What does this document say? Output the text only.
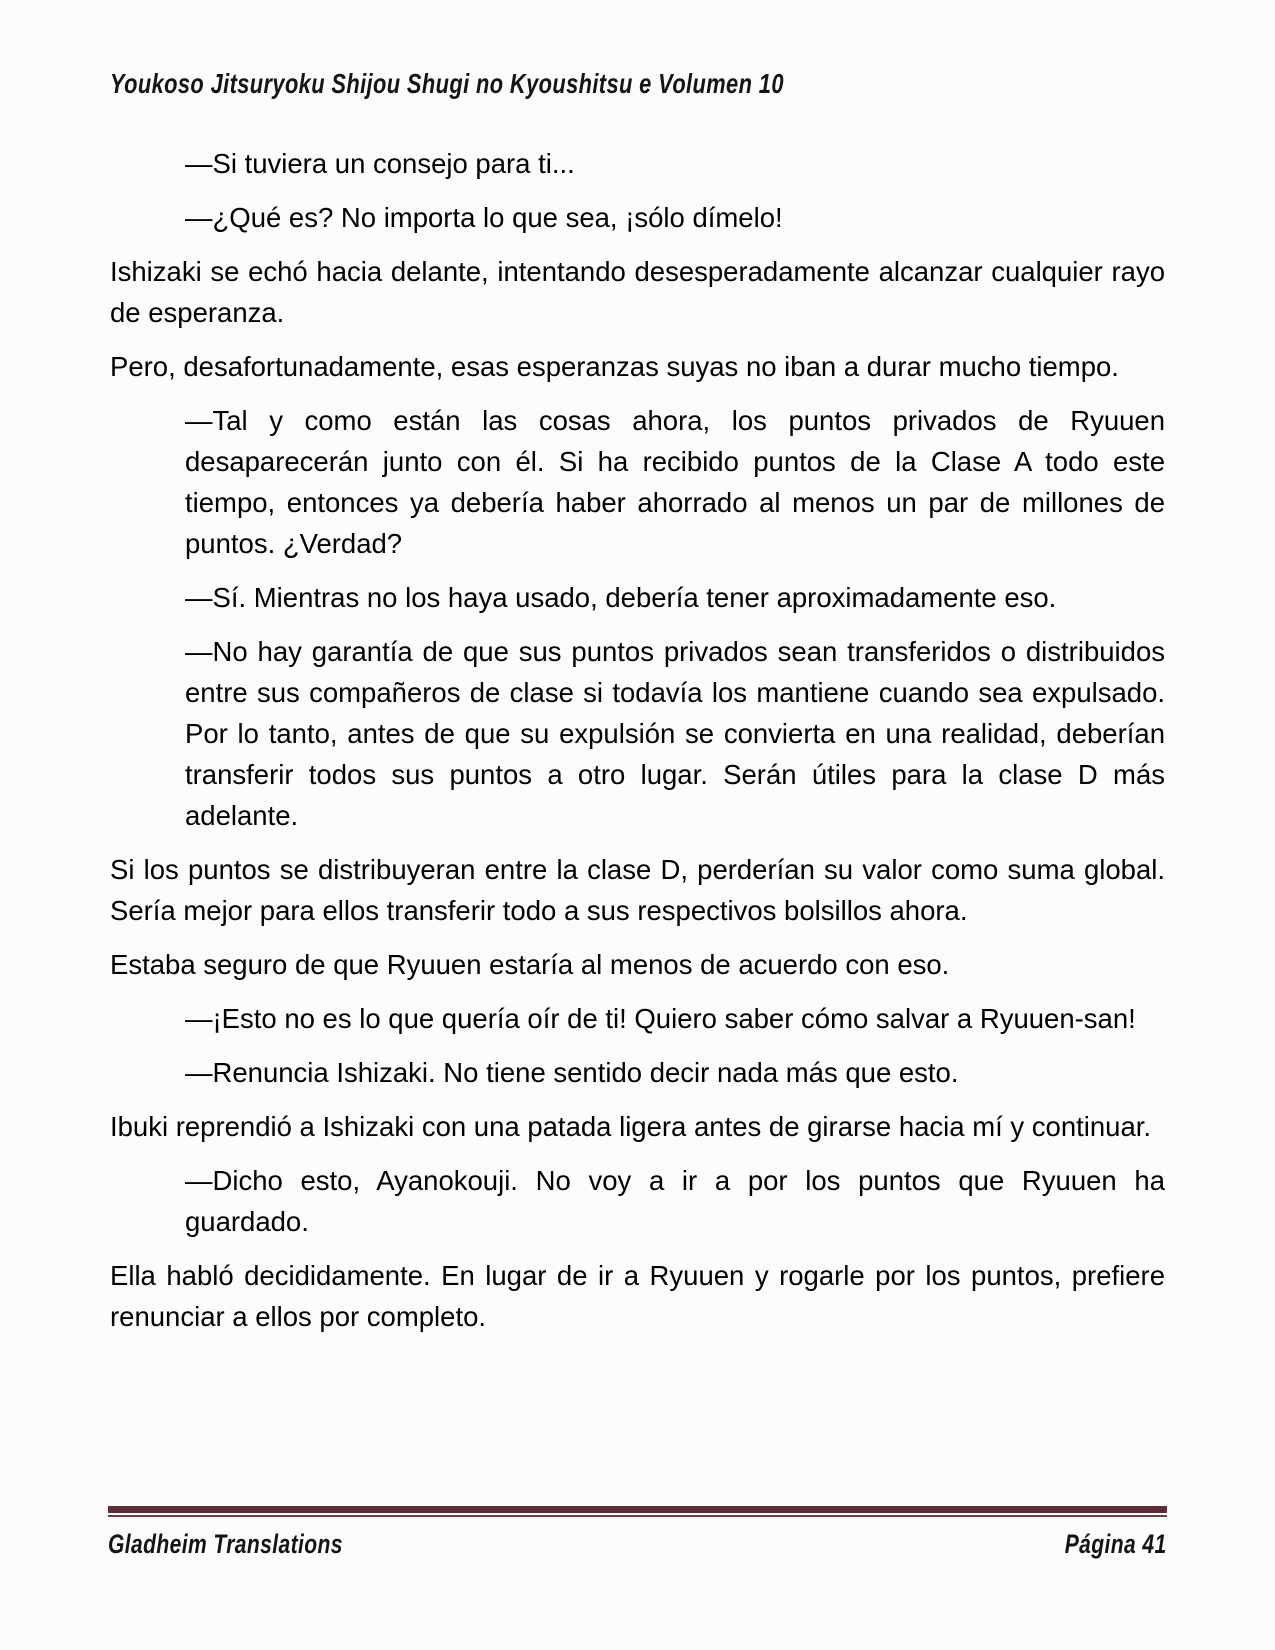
Youkoso Jitsuryoku Shijou Shugi no Kyoushitsu e Volumen 10

—Si tuviera un consejo para ti...

—¿Qué es? No importa lo que sea, ¡sólo dímelo!

Ishizaki se echó hacia delante, intentando desesperadamente alcanzar cualquier rayo de esperanza.

Pero, desafortunadamente, esas esperanzas suyas no iban a durar mucho tiempo.

—Tal y como están las cosas ahora, los puntos privados de Ryuuen desaparecerán junto con él. Si ha recibido puntos de la Clase A todo este tiempo, entonces ya debería haber ahorrado al menos un par de millones de puntos. ¿Verdad?

—Sí. Mientras no los haya usado, debería tener aproximadamente eso.

—No hay garantía de que sus puntos privados sean transferidos o distribuidos entre sus compañeros de clase si todavía los mantiene cuando sea expulsado. Por lo tanto, antes de que su expulsión se convierta en una realidad, deberían transferir todos sus puntos a otro lugar. Serán útiles para la clase D más adelante.

Si los puntos se distribuyeran entre la clase D, perderían su valor como suma global. Sería mejor para ellos transferir todo a sus respectivos bolsillos ahora.

Estaba seguro de que Ryuuen estaría al menos de acuerdo con eso.

—¡Esto no es lo que quería oír de ti! Quiero saber cómo salvar a Ryuuen-san!

—Renuncia Ishizaki. No tiene sentido decir nada más que esto.

Ibuki reprendió a Ishizaki con una patada ligera antes de girarse hacia mí y continuar.

—Dicho esto, Ayanokouji. No voy a ir a por los puntos que Ryuuen ha guardado.

Ella habló decididamente. En lugar de ir a Ryuuen y rogarle por los puntos, prefiere renunciar a ellos por completo.

Gladheim Translations	Página 41
